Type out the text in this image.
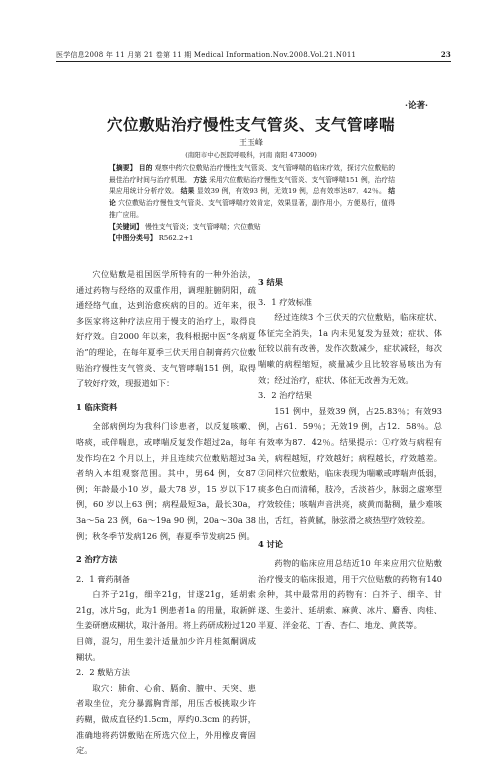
医学信息2008 年 11 月第 21 卷第 11 期 Medical Information.Nov.2008.Vol.21.N011	23
·论著·
穴位敷贴治疗慢性支气管炎、支气管哮喘
王玉峰
(南阳市中心医院呼吸科，河南 南阳 473009)

【摘要】 目的 观察中药穴位敷贴治疗慢性支气管炎、支气管哮喘的临床疗效，探讨穴位敷贴的最佳治疗时间与治疗机理。 方法 采用穴位敷贴治疗慢性支气管炎、支气管哮喘151 例，治疗结果应用统计分析疗效。 结果 显效39 例，有效93 例，无效19 例，总有效率达87．42％。 结论 穴位敷贴治疗慢性支气管炎、支气管哮喘疗效肯定，效果显著，副作用小，方便易行，值得推广应用。

【关键词】 慢性支气管炎；支气管哮喘；穴位敷贴

【中图分类号】 R562.2+1

穴位贴敷是祖国医学所特有的一种外治法，通过药物与经络的双重作用，调理脏腑阴阳，疏通经络气血，达到治愈疾病的目的。近年来，很多医家将这种疗法应用于慢支的治疗上，取得良好疗效。自2000 年以来，我科根据中医“冬病夏治”的理论，在每年夏季三伏天用自制膏药穴位敷贴治疗慢性支气管炎、支气管哮喘151 例，取得了较好疗效，现报道如下：

1 临床资料

全部病例均为我科门诊患者，以反复咳嗽、咯痰，或伴喘息，或哮喘反复发作超过2a，每年发作均在2 个月以上，并且连续穴位敷贴超过3a 者纳入本组观察范围。其中，男64 例，女87 例；年龄最小10 岁，最大78 岁，15 岁以下17 例，60 岁以上63 例；病程最短3a，最长30a，3a～5a 23 例，6a～19a 90 例，20a～30a 38 例；秋冬季节发病126 例，春夏季节发病25 例。

2 治疗方法

2．1 膏药制备

白芥子21g，细辛21g，甘遂21g，延胡索21g，冰片5g，此为1 例患者1a 的用量，取新鲜生姜研磨成糊状，取汁备用。将上药研成粉过120 目筛，混匀，用生姜汁适量加少许月桂氮酮调成糊状。

2．2 敷贴方法

取穴：肺俞、心俞、膈俞、膻中、天突、患者取坐位，充分暴露胸背部，用压舌板挑取少许药糊，做成直径约1.5cm，厚约0.3cm 的药饼，准确地将药饼敷贴在所选穴位上，外用橡皮膏固定。

3 结果

3．1 疗效标准

经过连续3 个三伏天的穴位敷贴，临床症状、体征完全消失，1a 内未见复发为显效；症状、体征较以前有改善，发作次数减少，症状减轻，每次喘嗽的病程缩短，痰量减少且比较容易咳出为有效；经过治疗，症状、体征无改善为无效。

3．2 治疗结果

151 例中，显效39 例，占25.83％；有效93 例，占61．59％；无效19 例，占12．58％。总有效率为87．42％。结果提示：①疗效与病程有关，病程越短，疗效越好；病程越长，疗效越差。②同样穴位敷贴，临床表现为喘嗽或哮喘声低弱，痰多色白而清稀，肢冷，舌淡苔少，脉弱之虚寒型疗效较佳；咳喘声音洪亮，痰黄而黏稠，量少难咳出，舌红，苔黄腻，脉弦滑之痰热型疗效较差。

4 讨论

药物的临床应用总结近10 年来应用穴位贴敷治疗慢支的临床报道，用于穴位贴敷的药物有140余种，其中最常用的药物有：白芥子、细辛、甘遂、生姜汁、延胡索、麻黄、冰片、麝香、肉桂、半夏、洋金花、丁香、杏仁、地龙、黄芪等。
